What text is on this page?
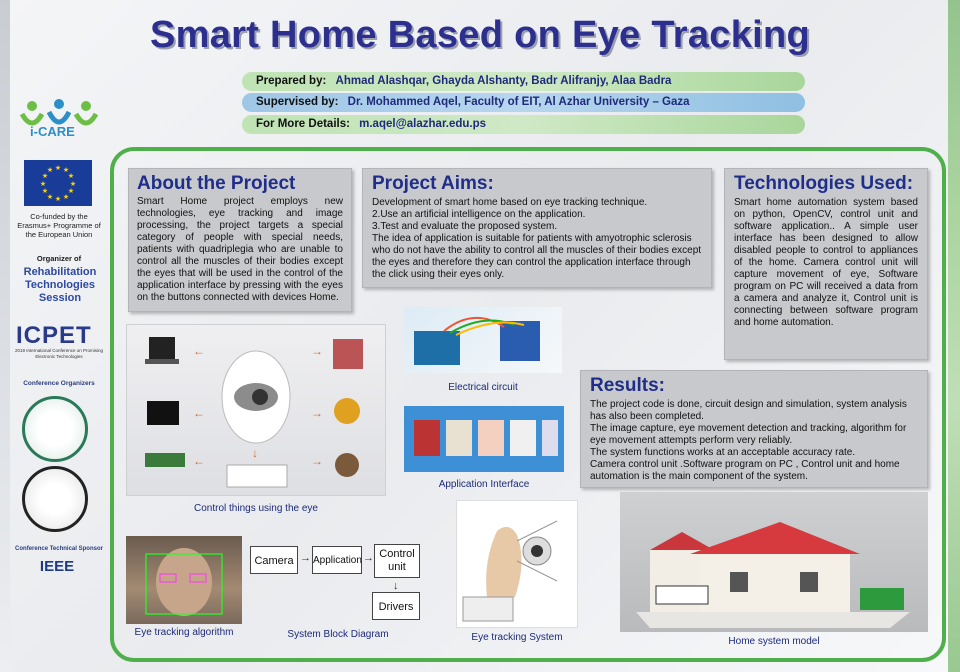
Smart Home Based on Eye Tracking
Prepared by: Ahmad Alashqar, Ghayda Alshanty, Badr Alifranjy, Alaa Badra
Supervised by: Dr. Mohammed Aqel, Faculty of EIT, Al Azhar University – Gaza
For More Details: m.aqel@alazhar.edu.ps
i-CARE
★ ★
★
★
★
★
★
★
★
★
★
★
Co-funded by the Erasmus+ Programme of the European Union
Organizer of
Rehabilitation Technologies Session
ICPET
2019 International Conference on Promising Electronic Technologies
Conference Organizers
Conference Technical Sponsor
IEEE
About the Project

Smart Home project employs new technologies, eye tracking and image processing, the project targets a special category of people with special needs, patients with quadriplegia who are unable to control all the muscles of their bodies except the eyes that will be used in the control of the application interface by pressing with the eyes on the buttons connected with devices Home.

Project Aims:

Development of smart home based on eye tracking technique.

2.Use an artificial intelligence on the application.

3.Test and evaluate the proposed system.

The idea of application is suitable for patients with amyotrophic sclerosis who do not have the ability to control all the muscles of their bodies except the eyes and therefore they can control the application interface through the click using their eyes only.

Technologies Used:

Smart home automation system based on python, OpenCV, control unit and software application.. A simple user interface has been designed to allow disabled people to control to appliances of the home. Camera control unit will capture movement of eye, Software program on PC will received a data from a camera and analyze it, Control unit is connecting between software program and home automation.

Results:

The project code is done, circuit design and simulation, system analysis has also been completed.

The image capture, eye movement detection and tracking, algorithm for eye movement attempts perform very reliably.

The system functions works at an acceptable accuracy rate.

Camera control unit .Software program on PC , Control unit and home automation is the main component of the system.

←
←
←
→
→
→
↓
Control things using the eye
Electrical circuit
Application Interface
Eye tracking algorithm
Camera → Application → Control unit
↓
Drivers
System Block Diagram	Eye tracking System	Home system model
